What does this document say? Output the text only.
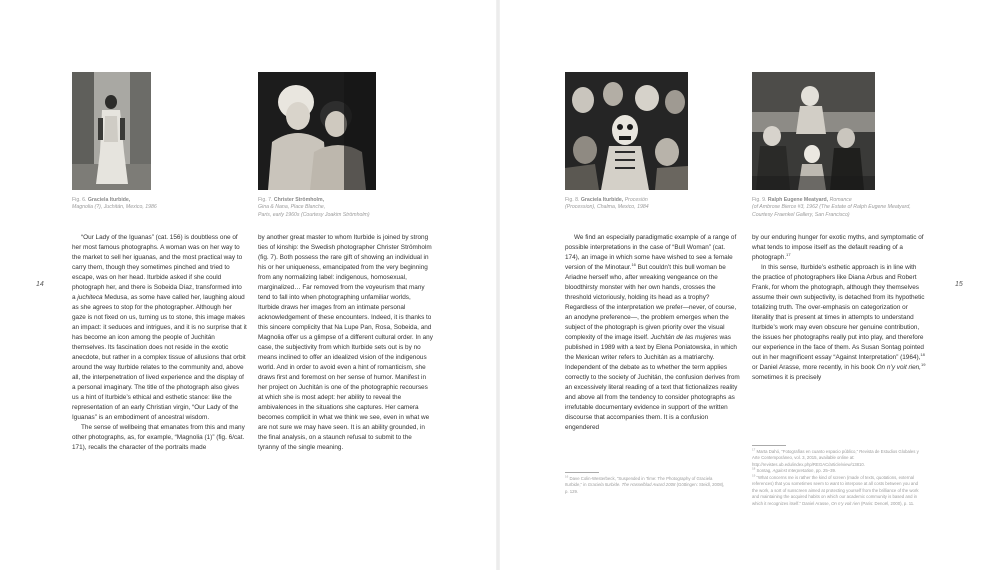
14	15
Fig. 6. Graciela Iturbide,
Magnolia (?), Juchitán, Mexico, 1986
Fig. 7. Christer Strömholm,
Gina & Nana, Place Blanche,
Paris, early 1960s (Courtesy Joakim Strömholm)
Fig. 8. Graciela Iturbide, Procesión
(Procession), Chalma, Mexico, 1984
Fig. 9. Ralph Eugene Meatyard, Romance
(of Ambrose Bierce #3, 1962 (The Estate of Ralph Eugene Meatyard,
Courtesy Fraenkel Gallery, San Francisco)

“Our Lady of the Iguanas” (cat. 156) is doubtless one of her most famous photographs. A woman was on her way to the market to sell her iguanas, and the most practical way to carry them, though they sometimes pinched and tried to escape, was on her head. Iturbide asked if she could photograph her, and there is Sobeida Díaz, transformed into a juchiteca Medusa, as some have called her, laughing aloud as she agrees to stop for the photographer. Although her gaze is not fixed on us, turning us to stone, this image makes an impact: it seduces and intrigues, and it is no surprise that it has become an icon among the people of Juchitán themselves. Its fascination does not reside in the exotic anecdote, but rather in a complex tissue of allusions that orbit around the way Iturbide relates to the community and, above all, the interpenetration of lived experience and the display of a personal imaginary. The title of the photograph also gives us a hint of Iturbide’s ethical and esthetic stance: like the representation of an early Christian virgin, “Our Lady of the Iguanas” is an embodiment of ancestral wisdom.

The sense of wellbeing that emanates from this and many other photographs, as, for example, “Magnolia (1)” (fig. 6/cat. 171), recalls the character of the portraits made

by another great master to whom Iturbide is joined by strong ties of kinship: the Swedish photographer Christer Strömholm (fig. 7). Both possess the rare gift of showing an individual in his or her uniqueness, emancipated from the very beginning from any normalizing label: indigenous, homosexual, marginalized… Far removed from the voyeurism that many tend to fall into when photographing unfamiliar worlds, Iturbide draws her images from an intimate personal acknowledgement of these encounters. Indeed, it is thanks to this sincere complicity that Na Lupe Pan, Rosa, Sobeida, and Magnolia offer us a glimpse of a different cultural order. In any case, the subjectivity from which Iturbide sets out is by no means inclined to offer an idealized vision of the indigenous world. And in order to avoid even a hint of romanticism, she draws first and foremost on her sense of humor. Manifest in her project on Juchitán is one of the photographic recourses at which she is most adept: her ability to reveal the ambivalences in the situations she captures. Her camera becomes complicit in what we think we see, even in what we are not sure we may have seen. It is an ability grounded, in the final analysis, on a staunch refusal to submit to the tyranny of the single meaning.

We find an especially paradigmatic example of a range of possible interpretations in the case of “Bull Woman” (cat. 174), an image in which some have wished to see a female version of the Minotaur.$^{16}$ But couldn’t this bull woman be Ariadne herself who, after wreaking vengeance on the bloodthirsty monster with her own hands, crosses the threshold victoriously, holding its head as a trophy? Regardless of the interpretation we prefer—never, of course, an anodyne preference—, the problem emerges when the subject of the photograph is given priority over the visual complexity of the image itself. Juchitán de las mujeres was published in 1989 with a text by Elena Poniatowska, in which the Mexican writer refers to Juchitán as a matriarchy. Independent of the debate as to whether the term applies correctly to the society of Juchitán, the confusion derives from an excessively literal reading of a text that fictionalizes reality and above all from the tendency to consider photographs as irrefutable documentary evidence in support of the written discourse that accompanies them. It is a confusion engendered

by our enduring hunger for exotic myths, and symptomatic of what tends to impose itself as the default reading of a photograph.$^{17}$

In this sense, Iturbide’s esthetic approach is in line with the practice of photographers like Diana Arbus and Robert Frank, for whom the photograph, although they themselves assume their own subjectivity, is detached from its hypothetic totalizing truth. The over-emphasis on categorization or literality that is present at times in attempts to understand Iturbide’s work may even obscure her genuine contribution, the issues her photographs really put into play, and therefore our experience in the face of them. As Susan Sontag pointed out in her magnificent essay “Against Interpretation” (1964),$^{18}$ or Daniel Arasse, more recently, in his book On n’y voit rien,$^{19}$ sometimes it is precisely

$^{16}$ Dave Colin-Westerbeck, “Suspended in Time: The Photography of Graciela Iturbide,” in Graciela Iturbide. The Hasselblad Award 2008 (Göttingen: Steidl, 2008), p. 129.

$^{17}$ Marta Dahó, “Fotografías en cuanto espacio público,” Revista de Estudios Globales y Arte Contemporáneo, vol. 3, 2015, available online at: http://revistes.ub.edu/index.php/REGAC/article/view/13810.

$^{18}$ Sontag, Against Interpretation, pp. 25–39.

$^{19}$ “What concerns me is rather the kind of screen (made of texts, quotations, external references) that you sometimes seem to want to interpose at all costs between you and the work, a sort of sunscreen aimed at protecting yourself from the brilliance of the work and maintaining the acquired habits on which our academic community is based and in which it recognizes itself.” Daniel Arasse, On n’y voit rien (Paris: Denoël, 2000), p. 11.
